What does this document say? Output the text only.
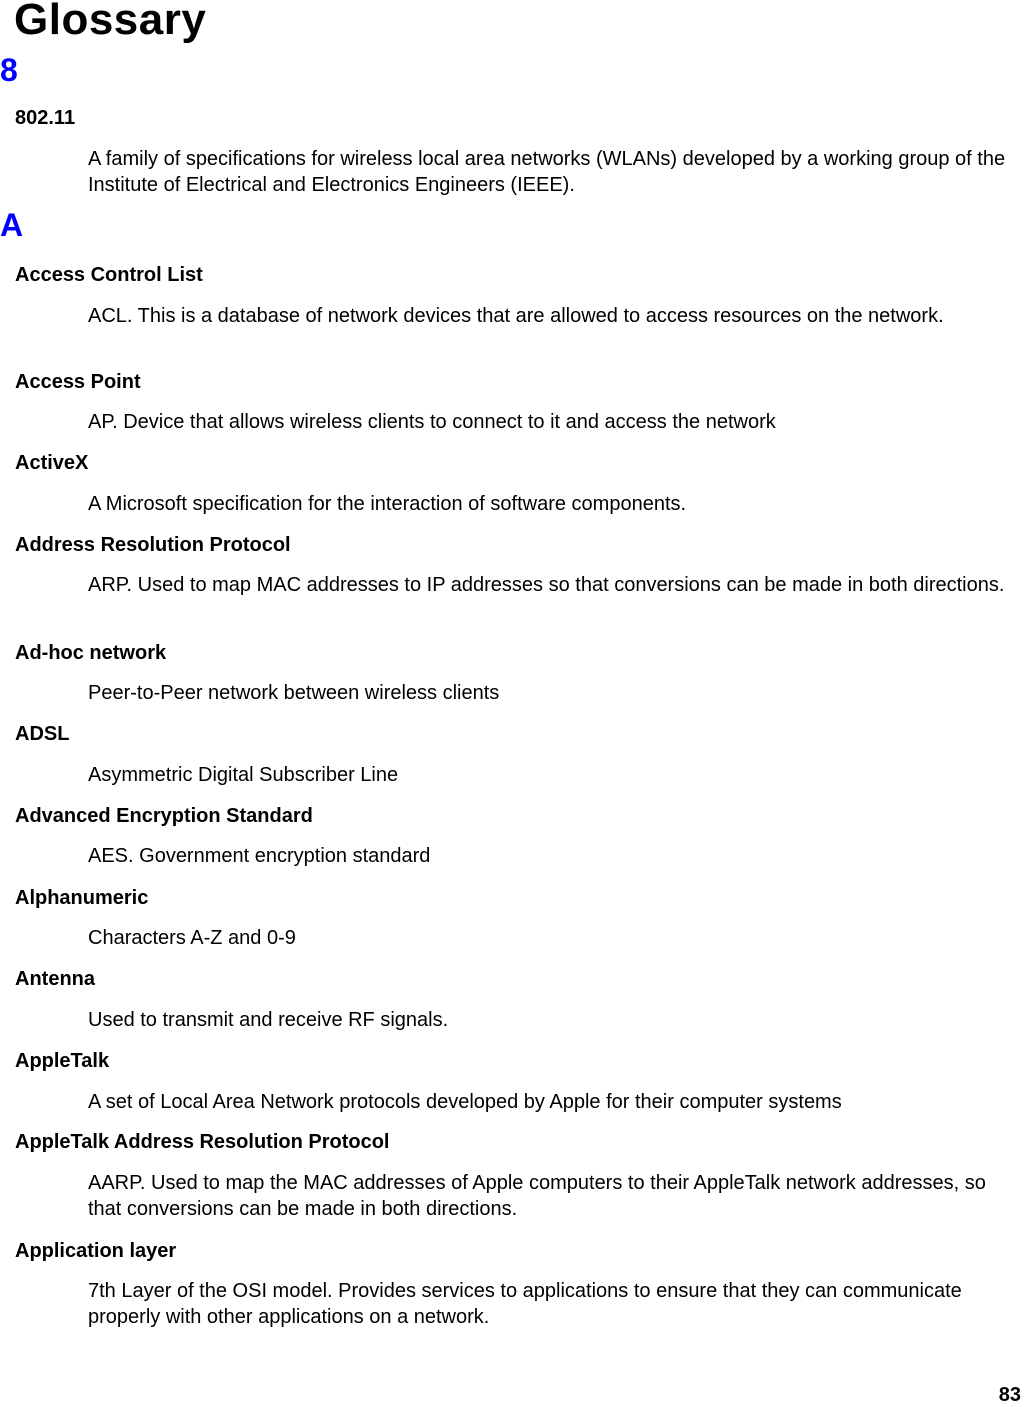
Glossary
8
802.11

A family of specifications for wireless local area networks (WLANs) developed by a working group of the Institute of Electrical and Electronics Engineers (IEEE).

A
Access Control List

ACL. This is a database of network devices that are allowed to access resources on the network.

Access Point

AP. Device that allows wireless clients to connect to it and access the network

ActiveX

A Microsoft specification for the interaction of software components.

Address Resolution Protocol

ARP. Used to map MAC addresses to IP addresses so that conversions can be made in both directions.

Ad-hoc network

Peer-to-Peer network between wireless clients

ADSL

Asymmetric Digital Subscriber Line

Advanced Encryption Standard

AES. Government encryption standard

Alphanumeric

Characters A-Z and 0-9

Antenna

Used to transmit and receive RF signals.

AppleTalk

A set of Local Area Network protocols developed by Apple for their computer systems

AppleTalk Address Resolution Protocol

AARP. Used to map the MAC addresses of Apple computers to their AppleTalk network addresses, so that conversions can be made in both directions.

Application layer

7th Layer of the OSI model. Provides services to applications to ensure that they can communicate properly with other applications on a network.

83
